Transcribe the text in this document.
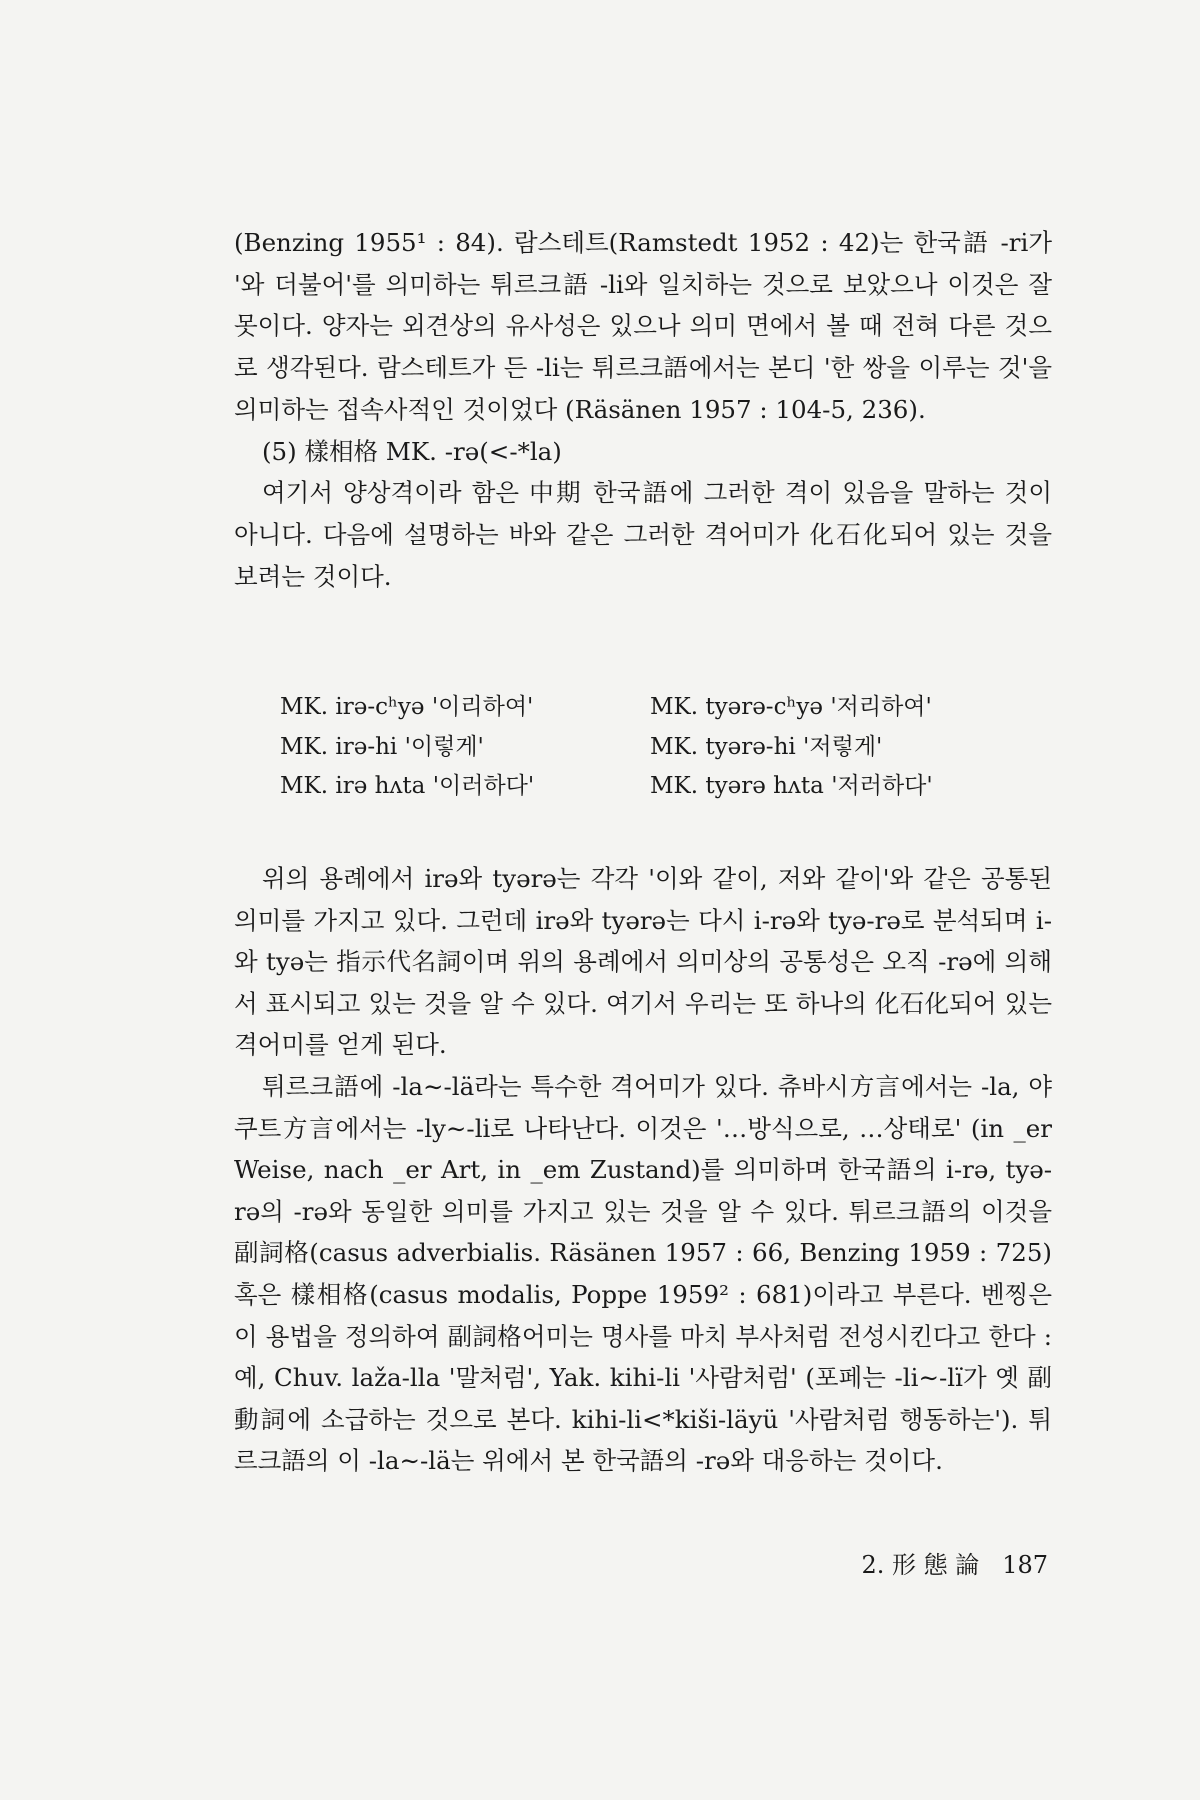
(Benzing 1955¹ : 84). 람스테트(Ramstedt 1952 : 42)는 한국語 -ri가 '와 더불어'를 의미하는 튀르크語 -li와 일치하는 것으로 보았으나 이것은 잘못이다. 양자는 외견상의 유사성은 있으나 의미 면에서 볼 때 전혀 다른 것으로 생각된다. 람스테트가 든 -li는 튀르크語에서는 본디 '한 쌍을 이루는 것'을 의미하는 접속사적인 것이었다 (Räsänen 1957 : 104-5, 236).

(5) 樣相格 MK. -rə(<-*la)

여기서 양상격이라 함은 中期 한국語에 그러한 격이 있음을 말하는 것이 아니다. 다음에 설명하는 바와 같은 그러한 격어미가 化石化되어 있는 것을 보려는 것이다.

MK. irə-cʰyə '이리하여'	MK. tyərə-cʰyə '저리하여'
MK. irə-hi '이렇게'	MK. tyərə-hi '저렇게'
MK. irə hʌta '이러하다'	MK. tyərə hʌta '저러하다'

위의 용례에서 irə와 tyərə는 각각 '이와 같이, 저와 같이'와 같은 공통된 의미를 가지고 있다. 그런데 irə와 tyərə는 다시 i-rə와 tyə-rə로 분석되며 i-와 tyə는 指示代名詞이며 위의 용례에서 의미상의 공통성은 오직 -rə에 의해서 표시되고 있는 것을 알 수 있다. 여기서 우리는 또 하나의 化石化되어 있는 격어미를 얻게 된다.

튀르크語에 -la∼-lä라는 특수한 격어미가 있다. 츄바시方言에서는 -la, 야쿠트方言에서는 -ly∼-li로 나타난다. 이것은 '…방식으로, …상태로' (in _er Weise, nach _er Art, in _em Zustand)를 의미하며 한국語의 i-rə, tyə-rə의 -rə와 동일한 의미를 가지고 있는 것을 알 수 있다. 튀르크語의 이것을 副詞格(casus adverbialis. Räsänen 1957 : 66, Benzing 1959 : 725) 혹은 樣相格(casus modalis, Poppe 1959² : 681)이라고 부른다. 벤찡은 이 용법을 정의하여 副詞格어미는 명사를 마치 부사처럼 전성시킨다고 한다 : 예, Chuv. laža-lla '말처럼', Yak. kihi-li '사람처럼' (포페는 -li∼-lï가 옛 副動詞에 소급하는 것으로 본다. kihi-li<*kiši-läyü '사람처럼 행동하는'). 튀르크語의 이 -la∼-lä는 위에서 본 한국語의 -rə와 대응하는 것이다.

2. 形 態 論 187
